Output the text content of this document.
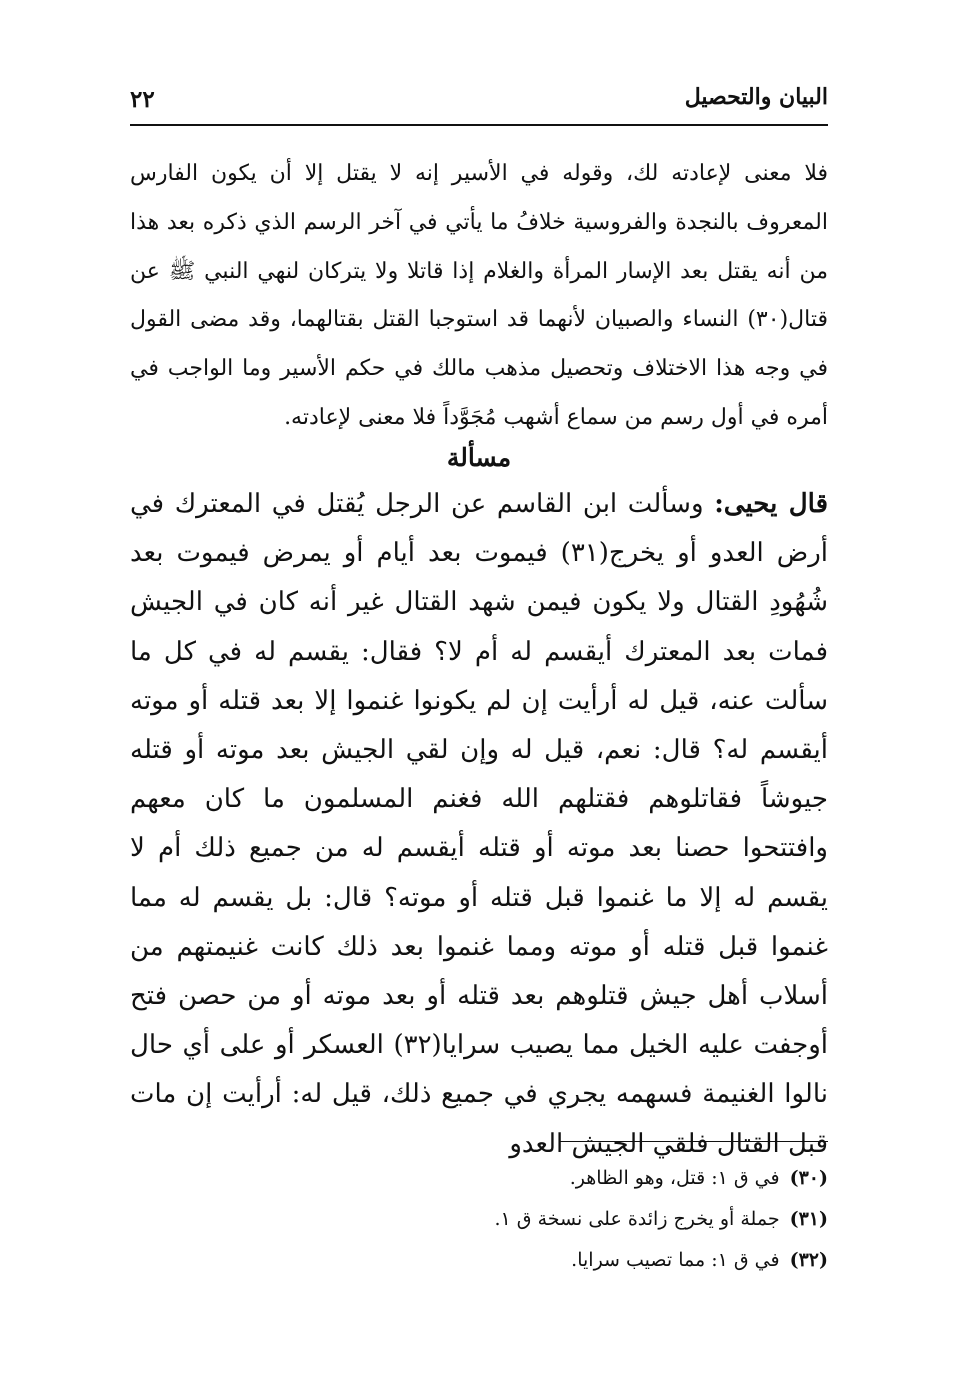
البيان والتحصيل
٢٢
فلا معنى لإعادته لك، وقوله في الأسير إنه لا يقتل إلا أن يكون الفارس المعروف بالنجدة والفروسية خلافُ ما يأتي في آخر الرسم الذي ذكره بعد هذا من أنه يقتل بعد الإسار المرأة والغلام إذا قاتلا ولا يتركان لنهي النبي ﷺ عن قتال(٣٠) النساء والصبيان لأنهما قد استوجبا القتل بقتالهما، وقد مضى القول في وجه هذا الاختلاف وتحصيل مذهب مالك في حكم الأسير وما الواجب في أمره في أول رسم من سماع أشهب مُجَوَّداً فلا معنى لإعادته.
مسألة
قال يحيى: وسألت ابن القاسم عن الرجل يُقتل في المعترك في أرض العدو أو يخرج(٣١) فيموت بعد أيام أو يمرض فيموت بعد شُهُودِ القتال ولا يكون فيمن شهد القتال غير أنه كان في الجيش فمات بعد المعترك أيقسم له أم لا؟ فقال: يقسم له في كل ما سألت عنه، قيل له أرأيت إن لم يكونوا غنموا إلا بعد قتله أو موته أيقسم له؟ قال: نعم، قيل له وإن لقي الجيش بعد موته أو قتله جيوشاً فقاتلوهم فقتلهم الله فغنم المسلمون ما كان معهم وافتتحوا حصنا بعد موته أو قتله أيقسم له من جميع ذلك أم لا يقسم له إلا ما غنموا قبل قتله أو موته؟ قال: بل يقسم له مما غنموا قبل قتله أو موته ومما غنموا بعد ذلك كانت غنيمتهم من أسلاب أهل جيش قتلوهم بعد قتله أو بعد موته أو من حصن فتح أوجفت عليه الخيل مما يصيب سرايا(٣٢) العسكر أو على أي حال نالوا الغنيمة فسهمه يجري في جميع ذلك، قيل له: أرأيت إن مات قبل القتال فلقي الجيش العدو
(٣٠)في ق ١: قتل، وهو الظاهر.
(٣١)جملة أو يخرج زائدة على نسخة ق ١.
(٣٢)في ق ١: مما تصيب سرايا.
